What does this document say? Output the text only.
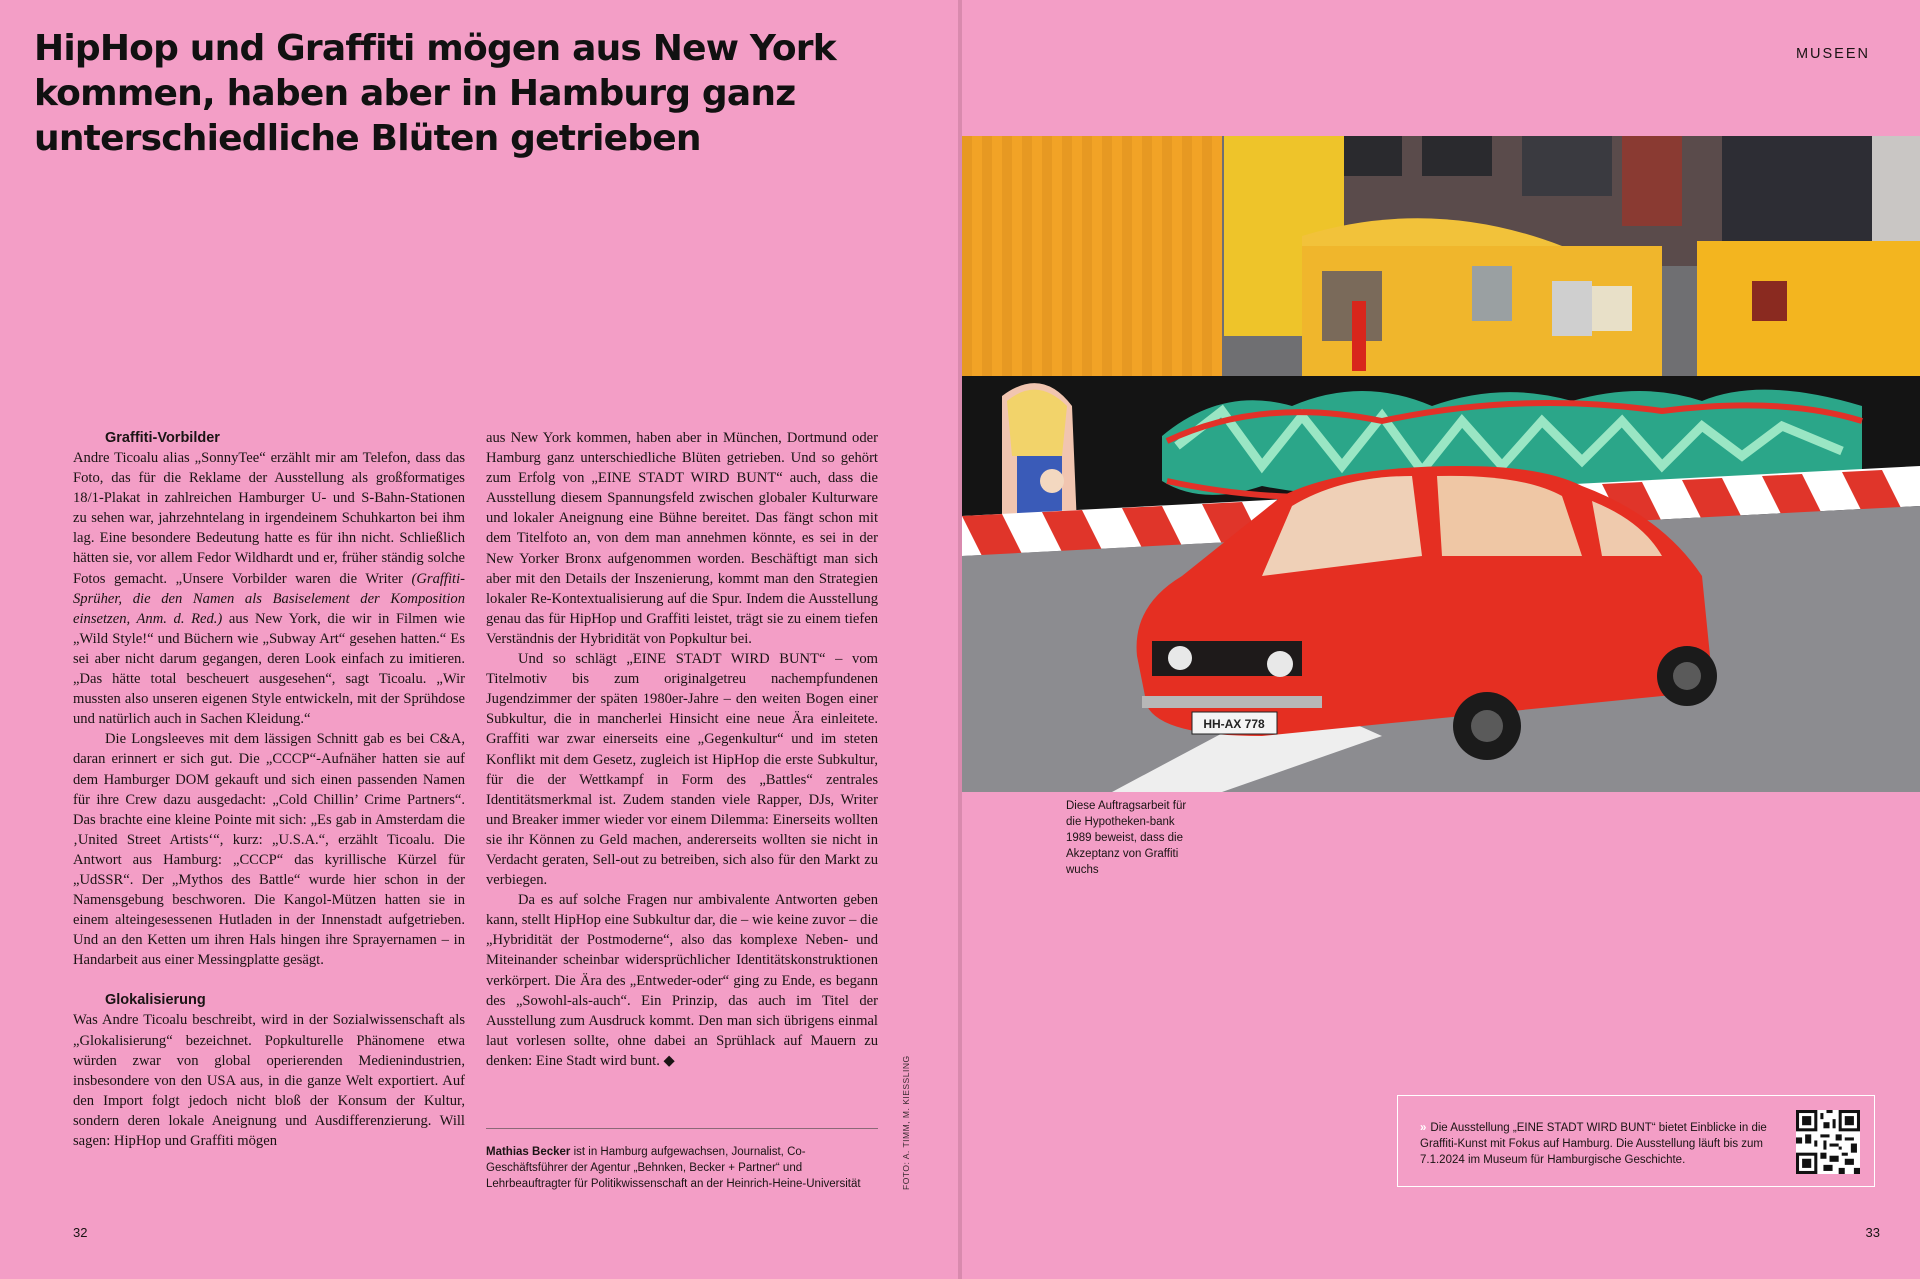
HipHop und Graffiti mögen aus New York kommen, haben aber in Hamburg ganz unterschiedliche Blüten getrieben

Graffiti-Vorbilder

Andre Ticoalu alias „SonnyTee“ erzählt mir am Telefon, dass das Foto, das für die Reklame der Ausstellung als großformatiges 18/1-Plakat in zahlreichen Hamburger U- und S-Bahn-Stationen zu sehen war, jahrzehntelang in irgendeinem Schuhkarton bei ihm lag. Eine besondere Bedeutung hatte es für ihn nicht. Schließlich hätten sie, vor allem Fedor Wildhardt und er, früher ständig solche Fotos gemacht. „Unsere Vorbilder waren die Writer (Graffiti-Sprüher, die den Namen als Basiselement der Komposition einsetzen, Anm. d. Red.) aus New York, die wir in Filmen wie „Wild Style!“ und Büchern wie „Subway Art“ gesehen hatten.“ Es sei aber nicht darum gegangen, deren Look einfach zu imitieren. „Das hätte total bescheuert ausgesehen“, sagt Ticoalu. „Wir mussten also unseren eigenen Style entwickeln, mit der Sprühdose und natürlich auch in Sachen Kleidung.“

Die Longsleeves mit dem lässigen Schnitt gab es bei C&A, daran erinnert er sich gut. Die „CCCP“-Aufnäher hatten sie auf dem Hamburger DOM gekauft und sich einen passenden Namen für ihre Crew dazu ausgedacht: „Cold Chillin’ Crime Partners“. Das brachte eine kleine Pointe mit sich: „Es gab in Amsterdam die ‚United Street Artists‘“, kurz: „U.S.A.“, erzählt Ticoalu. Die Antwort aus Hamburg: „CCCP“ das kyrillische Kürzel für „UdSSR“. Der „Mythos des Battle“ wurde hier schon in der Namensgebung beschworen. Die Kangol-Mützen hatten sie in einem alteingesessenen Hutladen in der Innenstadt aufgetrieben. Und an den Ketten um ihren Hals hingen ihre Sprayernamen – in Handarbeit aus einer Messingplatte gesägt.

Glokalisierung

Was Andre Ticoalu beschreibt, wird in der Sozialwissenschaft als „Glokalisierung“ bezeichnet. Popkulturelle Phänomene etwa würden zwar von global operierenden Medienindustrien, insbesondere von den USA aus, in die ganze Welt exportiert. Auf den Import folgt jedoch nicht bloß der Konsum der Kultur, sondern deren lokale Aneignung und Ausdifferenzierung. Will sagen: HipHop und Graffiti mögen

aus New York kommen, haben aber in München, Dortmund oder Hamburg ganz unterschiedliche Blüten getrieben. Und so gehört zum Erfolg von „EINE STADT WIRD BUNT“ auch, dass die Ausstellung diesem Spannungsfeld zwischen globaler Kulturware und lokaler Aneignung eine Bühne bereitet. Das fängt schon mit dem Titelfoto an, von dem man annehmen könnte, es sei in der New Yorker Bronx aufgenommen worden. Beschäftigt man sich aber mit den Details der Inszenierung, kommt man den Strategien lokaler Re-Kontextualisierung auf die Spur. Indem die Ausstellung genau das für HipHop und Graffiti leistet, trägt sie zu einem tiefen Verständnis der Hybridität von Popkultur bei.

Und so schlägt „EINE STADT WIRD BUNT“ – vom Titelmotiv bis zum originalgetreu nachempfundenen Jugendzimmer der späten 1980er-Jahre – den weiten Bogen einer Subkultur, die in mancherlei Hinsicht eine neue Ära einleitete. Graffiti war zwar einerseits eine „Gegenkultur“ und im steten Konflikt mit dem Gesetz, zugleich ist HipHop die erste Subkultur, für die der Wettkampf in Form des „Battles“ zentrales Identitätsmerkmal ist. Zudem standen viele Rapper, DJs, Writer und Breaker immer wieder vor einem Dilemma: Einerseits wollten sie ihr Können zu Geld machen, andererseits wollten sie nicht in Verdacht geraten, Sell-out zu betreiben, sich also für den Markt zu verbiegen.

Da es auf solche Fragen nur ambivalente Antworten geben kann, stellt HipHop eine Subkultur dar, die – wie keine zuvor – die „Hybridität der Postmoderne“, also das komplexe Neben- und Miteinander scheinbar widersprüchlicher Identitätskonstruktionen verkörpert. Die Ära des „Entweder-oder“ ging zu Ende, es begann des „Sowohl-als-auch“. Ein Prinzip, das auch im Titel der Ausstellung zum Ausdruck kommt. Den man sich übrigens einmal laut vorlesen sollte, ohne dabei an Sprühlack auf Mauern zu denken: Eine Stadt wird bunt. ◆

Mathias Becker ist in Hamburg aufgewachsen, Journalist, Co-Geschäftsführer der Agentur „Behnken, Becker + Partner“ und Lehrbeauftragter für Politikwissenschaft an der Heinrich-Heine-Universität	FOTO: A. TIMM, M. KIESSLING

32

MUSEEN

HH-AX 778

Diese Auftragsarbeit für die Hypotheken-bank 1989 beweist, dass die Akzeptanz von Graffiti wuchs

» Die Ausstellung „EINE STADT WIRD BUNT“ bietet Einblicke in die Graffiti-Kunst mit Fokus auf Hamburg. Die Ausstellung läuft bis zum 7.1.2024 im Museum für Hamburgische Geschichte.

33
